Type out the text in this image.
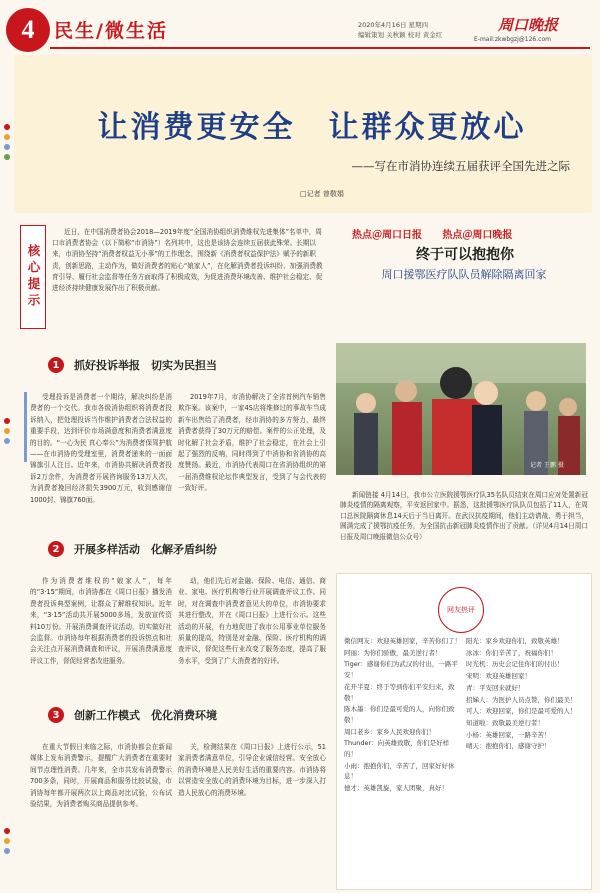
4	民生/微生活	2020年4月16日 星期四
编辑策划 关秋颖 校对 黄金红
周口晚报
E-mail:zkwbgzj@126.com
让消费更安全　让群众更放心
——写在市消协连续五届获评全国先进之际
□记者 曾敬娟
核心提示
近日，在中国消费者协会2018—2019年度“全国消协组织消费维权先进集体”名单中，周口市消费者协会（以下简称“市消协”）名列其中，这也是该协会连续五届获此殊荣。长期以来，市消协坚持“消费者权益无小事”的工作理念，围绕新《消费者权益保护法》赋予的新职责，创新思路，主动作为，做好消费者的贴心“娘家人”，在化解消费者投诉纠纷、加强消费教育引导、履行社会监督等任务方面取得了积极成效，为促进消费环境改善、维护社会稳定、促进经济持续健康发展作出了积极贡献。
1	抓好投诉举报　切实为民担当
受理投诉是消费者一个期待，解决纠纷是消费者的一个交代。我市各级消协组织将消费者投诉纳入，把处理投诉当作维护消费者合法权益的重要手段，达到评价市场满意度和消费者满意度的目的。“一心为民 真心奉公”为消费者保驾护航——在市消协的受理室里，消费者递来的一面面锦旗引人注目。近年来，市消协共解决消费者投诉2万余件，为消费者开展咨询服务13万人次，为消费者挽回经济损失3900万元，收到感谢信1000封、锦旗760面。
2019年7月，市消协解决了全省首例汽车销售欺诈案。该案中，一家4S店将维修过的事故车当成新车出售给了消费者，经市消协的多方努力，最终消费者获得了30万元的赔偿。案件的公正处理，及时化解了社会矛盾，维护了社会稳定，在社会上引起了强烈的反响，同时得到了中消协和省消协的高度赞扬。最近，市消协代表周口在省消协组织的第一届消费维权论坛作典型发言，受到了与会代表的一致好评。
2	开展多样活动　化解矛盾纠纷
作为消费者维权的“娘家人”，每年的“3·15”期间，市消协都在《周口日报》播发消费者投诉典型案例，让群众了解维权知识。近年来，“3·15”活动共开展5000多场，发放宣传资料10万份。开展消费调查评议活动，切实做好社会监督。市消协每年根据消费者的投诉热点和社会关注点开展消费调查和评议，开展消费满意度评议工作，督促经营者改进服务。
动，他们先后对金融、保险、电信、通信、商业、家电、医疗机构等行业开展调查评议工作。同时，对在调查中消费者意见大的单位，市消协要求其进行整改，并在《周口日报》上进行公示。这些活动的开展，有力地促进了我市公用事业单位服务质量的提高，特别是对金融、保险、医疗机构的调查评议，督促这些行业改变了服务态度，提高了服务水平，受到了广大消费者的好评。
3	创新工作模式　优化消费环境
在重大节假日来临之际，市消协都会在新闻媒体上发布消费警示，提醒广大消费者在重要时间节点理性消费。几年来，全市共发布消费警示700多条，同时，开展商品和服务比较试验，市消协每年都开展两次以上商品对比试验，公布试验结果，为消费者购买商品提供参考。
关，检测结果在《周口日报》上进行公示，51家消费者满意单位，引导企业诚信经营。安全放心的消费环境是人民美好生活的重要内容。市消协将以营造安全放心的消费环境为目标，进一步深入打造人民放心的消费环境。
热点＠周口日报 热点＠周口晚报
终于可以抱抱你
周口援鄂医疗队队员解除隔离回家
记者 王鹏 摄
新闻链接 4月14日，我市公立医院援鄂医疗队35名队员结束在周口应对处置新冠肺炎疫情的隔离观察，平安返回家中。据悉，这批援鄂医疗队队员包括了11人，在周口总医院隔离休息14天后于当日离开。在武汉抗疫期间，他们主动请战、勇于担当，圆满完成了援鄂抗疫任务，为全国抗击新冠肺炎疫情作出了贡献。（详见4月14日周口日报及周口晚报微信公众号）
网友热评

微信网友：欢迎英雄回家，辛苦你们了！

阿丽：为你们骄傲，最美逆行者！

Tiger：感谢你们为武汉的付出，一路平安！

花开半夏：终于等到你们平安归来，致敬！

陈木墨：你们是最可爱的人，向你们致敬！

周口老乡：家乡人民欢迎你们！

Thunder：向英雄致敬，你们是好样的！

小雨：抱抱你们，辛苦了，回家好好休息！

德才：英雄凯旋，家人团聚，真好！

阳光：家乡欢迎你们，致敬英雄！

冰冰：你们辛苦了，祝福你们！

时光机：历史会记住你们的付出！

宋明：欢迎英雄回家！

青：平安回来就好！

招娣人：为医护人员点赞，你们最美！

可人：欢迎回家，你们是最可爱的人！

知道啦：致敬最美逆行者！

小杨：英雄回家，一路辛苦！

晴天：抱抱你们，感谢守护！
